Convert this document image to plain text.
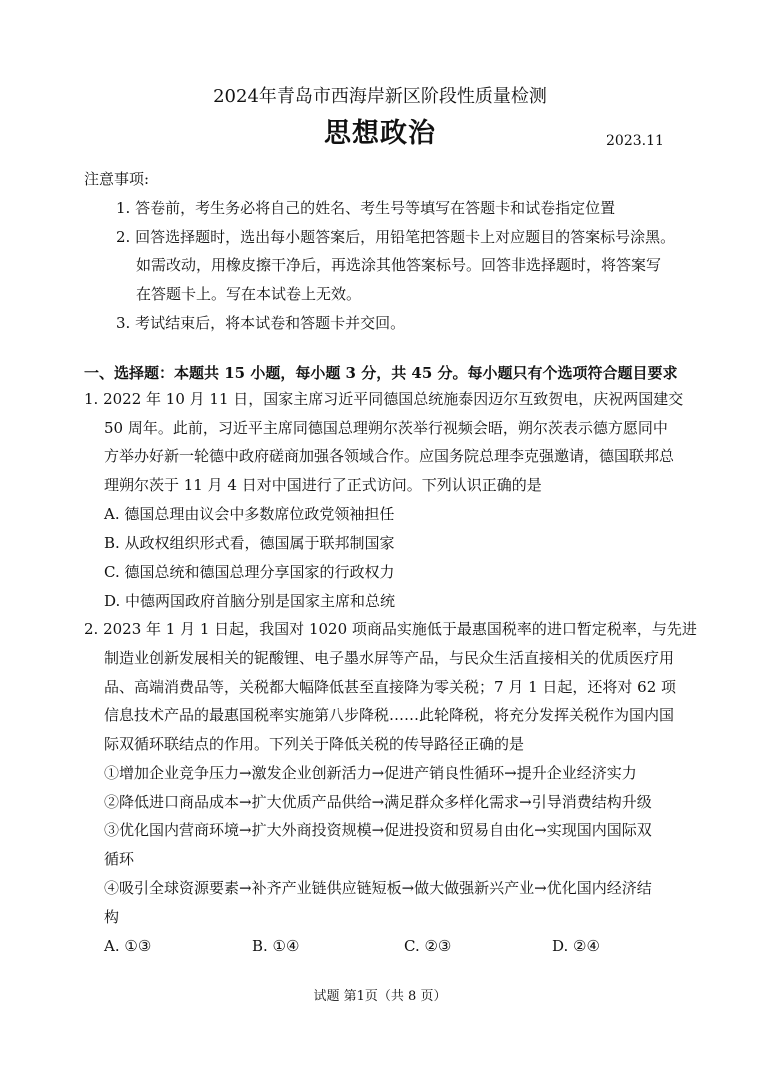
2024年青岛市西海岸新区阶段性质量检测
思想政治	2023.11
注意事项:
1. 答卷前，考生务必将自己的姓名、考生号等填写在答题卡和试卷指定位置
2. 回答选择题时，选出每小题答案后，用铅笔把答题卡上对应题目的答案标号涂黑。
如需改动，用橡皮擦干净后，再选涂其他答案标号。回答非选择题时，将答案写
在答题卡上。写在本试卷上无效。
3. 考试结束后，将本试卷和答题卡并交回。
一、选择题：本题共 15 小题，每小题 3 分，共 45 分。每小题只有个选项符合题目要求
1. 2022 年 10 月 11 日，国家主席习近平同德国总统施泰因迈尔互致贺电，庆祝两国建交
50 周年。此前，习近平主席同德国总理朔尔茨举行视频会晤，朔尔茨表示德方愿同中
方举办好新一轮德中政府磋商加强各领域合作。应国务院总理李克强邀请，德国联邦总
理朔尔茨于 11 月 4 日对中国进行了正式访问。下列认识正确的是
A. 德国总理由议会中多数席位政党领袖担任
B. 从政权组织形式看，德国属于联邦制国家
C. 德国总统和德国总理分享国家的行政权力
D. 中德两国政府首脑分别是国家主席和总统
2. 2023 年 1 月 1 日起，我国对 1020 项商品实施低于最惠国税率的进口暂定税率，与先进
制造业创新发展相关的铌酸锂、电子墨水屏等产品，与民众生活直接相关的优质医疗用
品、高端消费品等，关税都大幅降低甚至直接降为零关税；7 月 1 日起，还将对 62 项
信息技术产品的最惠国税率实施第八步降税……此轮降税，将充分发挥关税作为国内国
际双循环联结点的作用。下列关于降低关税的传导路径正确的是
①增加企业竞争压力→激发企业创新活力→促进产销良性循环→提升企业经济实力
②降低进口商品成本→扩大优质产品供给→满足群众多样化需求→引导消费结构升级
③优化国内营商环境→扩大外商投资规模→促进投资和贸易自由化→实现国内国际双
循环
④吸引全球资源要素→补齐产业链供应链短板→做大做强新兴产业→优化国内经济结
构
A. ①③	B. ①④	C. ②③	D. ②④
试题 第1页（共 8 页）
